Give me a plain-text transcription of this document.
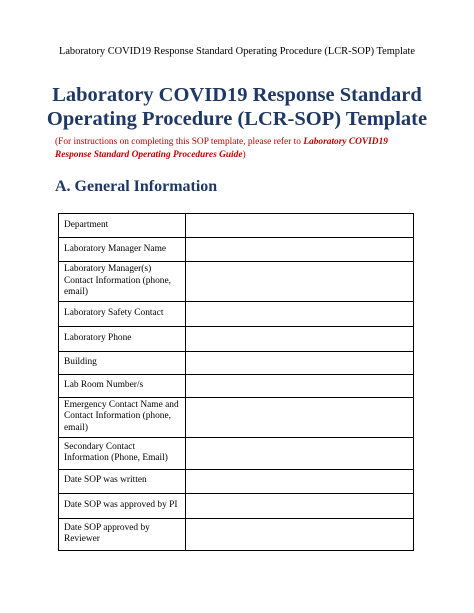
Laboratory COVID19 Response Standard Operating Procedure (LCR-SOP) Template
Laboratory COVID19 Response Standard
Operating Procedure (LCR-SOP) Template
(For instructions on completing this SOP template, please refer to Laboratory COVID19 Response Standard Operating Procedures Guide)
A. General Information
Department	
Laboratory Manager Name	
Laboratory Manager(s) Contact Information (phone, email)	
Laboratory Safety Contact	
Laboratory Phone	
Building	
Lab Room Number/s	
Emergency Contact Name and Contact Information (phone, email)	
Secondary Contact Information (Phone, Email)	
Date SOP was written	
Date SOP was approved by PI	
Date SOP approved by Reviewer	
